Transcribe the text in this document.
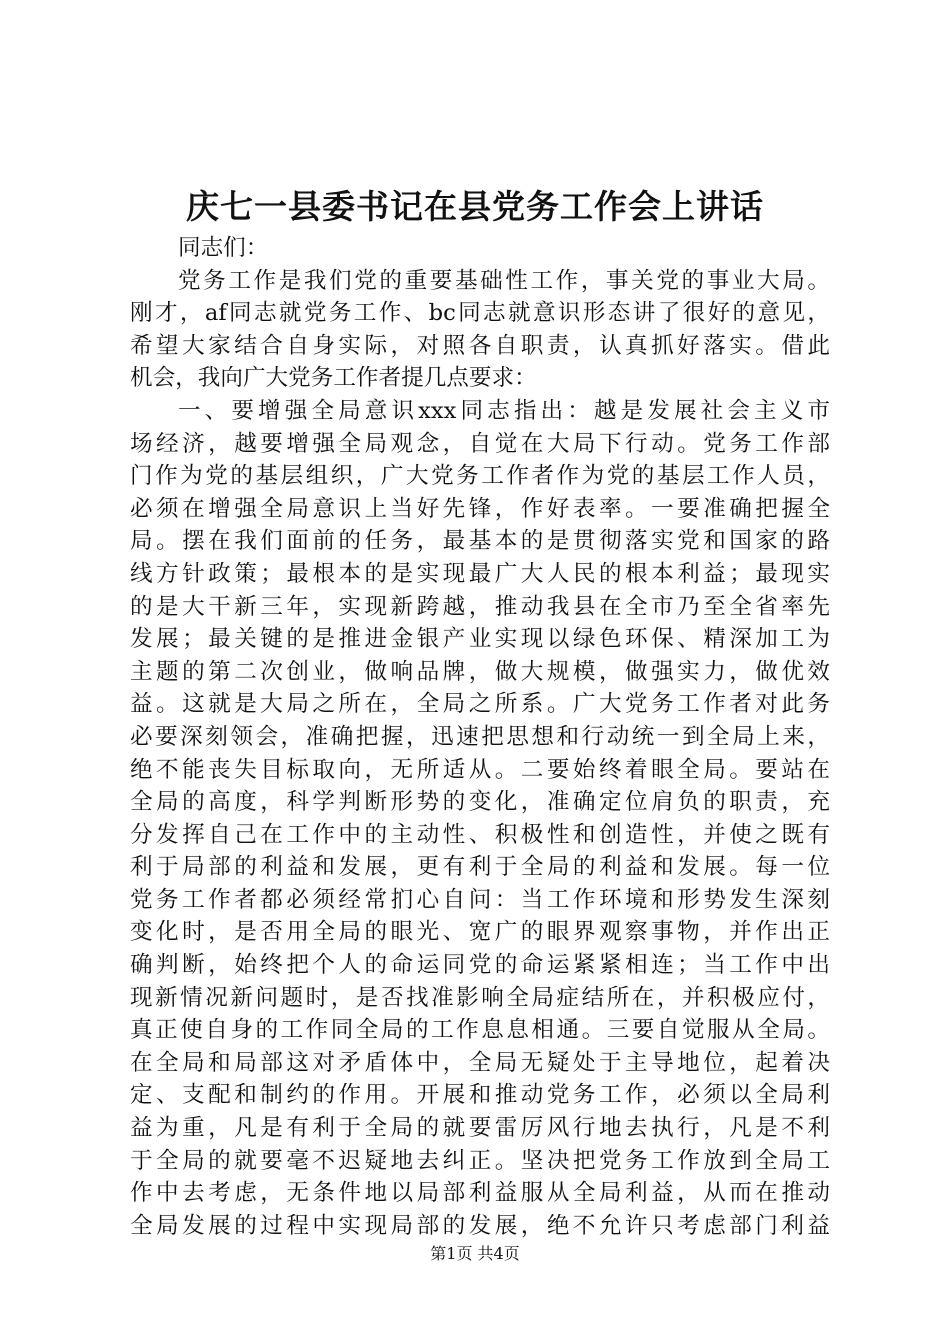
庆七一县委书记在县党务工作会上讲话
同志们：
党务工作是我们党的重要基础性工作，事关党的事业大局。
刚才，af同志就党务工作、bc同志就意识形态讲了很好的意见，
希望大家结合自身实际，对照各自职责，认真抓好落实。借此
机会，我向广大党务工作者提几点要求：
一、要增强全局意识xxx同志指出：越是发展社会主义市
场经济，越要增强全局观念，自觉在大局下行动。党务工作部
门作为党的基层组织，广大党务工作者作为党的基层工作人员，
必须在增强全局意识上当好先锋，作好表率。一要准确把握全
局。摆在我们面前的任务，最基本的是贯彻落实党和国家的路
线方针政策；最根本的是实现最广大人民的根本利益；最现实
的是大干新三年，实现新跨越，推动我县在全市乃至全省率先
发展；最关键的是推进金银产业实现以绿色环保、精深加工为
主题的第二次创业，做响品牌，做大规模，做强实力，做优效
益。这就是大局之所在，全局之所系。广大党务工作者对此务
必要深刻领会，准确把握，迅速把思想和行动统一到全局上来，
绝不能丧失目标取向，无所适从。二要始终着眼全局。要站在
全局的高度，科学判断形势的变化，准确定位肩负的职责，充
分发挥自己在工作中的主动性、积极性和创造性，并使之既有
利于局部的利益和发展，更有利于全局的利益和发展。每一位
党务工作者都必须经常扪心自问：当工作环境和形势发生深刻
变化时，是否用全局的眼光、宽广的眼界观察事物，并作出正
确判断，始终把个人的命运同党的命运紧紧相连；当工作中出
现新情况新问题时，是否找准影响全局症结所在，并积极应付，
真正使自身的工作同全局的工作息息相通。三要自觉服从全局。
在全局和局部这对矛盾体中，全局无疑处于主导地位，起着决
定、支配和制约的作用。开展和推动党务工作，必须以全局利
益为重，凡是有利于全局的就要雷厉风行地去执行，凡是不利
于全局的就要毫不迟疑地去纠正。坚决把党务工作放到全局工
作中去考虑，无条件地以局部利益服从全局利益，从而在推动
全局发展的过程中实现局部的发展，绝不允许只考虑部门利益
第1页 共4页
